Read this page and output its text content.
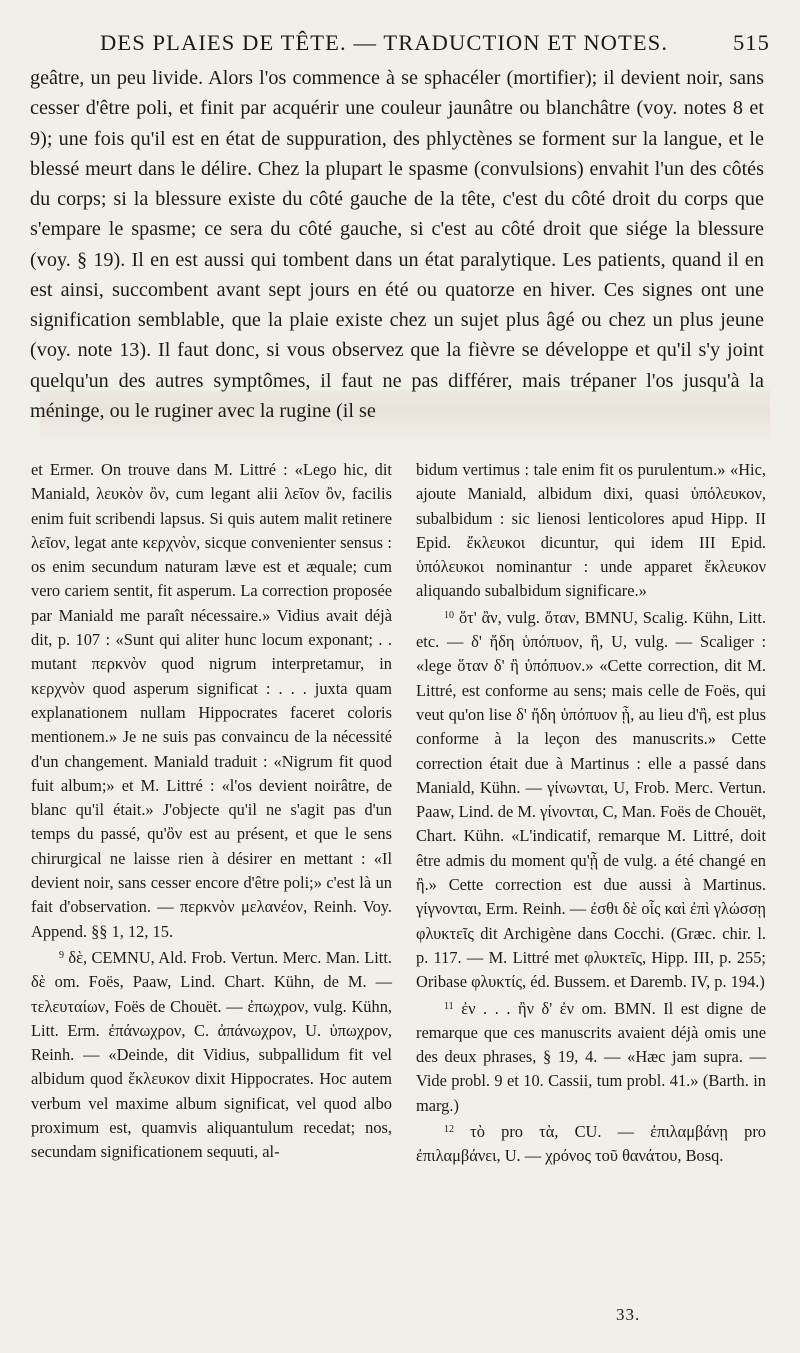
DES PLAIES DE TÊTE. — TRADUCTION ET NOTES.	515
geâtre, un peu livide. Alors l'os commence à se sphacéler (mortifier); il devient noir, sans cesser d'être poli, et finit par acquérir une couleur jaunâtre ou blanchâtre (voy. notes 8 et 9); une fois qu'il est en état de suppuration, des phlyctènes se forment sur la langue, et le blessé meurt dans le délire. Chez la plupart le spasme (convulsions) envahit l'un des côtés du corps; si la blessure existe du côté gauche de la tête, c'est du côté droit du corps que s'empare le spasme; ce sera du côté gauche, si c'est au côté droit que siége la blessure (voy. § 19). Il en est aussi qui tombent dans un état paralytique. Les patients, quand il en est ainsi, succombent avant sept jours en été ou quatorze en hiver. Ces signes ont une signification semblable, que la plaie existe chez un sujet plus âgé ou chez un plus jeune (voy. note 13). Il faut donc, si vous observez que la fièvre se développe et qu'il s'y joint quelqu'un des autres symptômes, il faut ne pas différer, mais trépaner l'os jusqu'à la méninge, ou le ruginer avec la rugine (il se

et Ermer. On trouve dans M. Littré : «Lego hic, dit Maniald, λευκὸν ὂν, cum legant alii λεῖον ὂν, facilis enim fuit scribendi lapsus. Si quis autem malit retinere λεῖον, legat ante κερχνὸν, sicque convenienter sensus : os enim secundum naturam læve est et æquale; cum vero cariem sentit, fit asperum. La correction proposée par Maniald me paraît nécessaire.» Vidius avait déjà dit, p. 107 : «Sunt qui aliter hunc locum exponant; . . mutant περκνὸν quod nigrum interpretamur, in κερχνὸν quod asperum significat : . . . juxta quam explanationem nullam Hippocrates faceret coloris mentionem.» Je ne suis pas convaincu de la nécessité d'un changement. Maniald traduit : «Nigrum fit quod fuit album;» et M. Littré : «l'os devient noirâtre, de blanc qu'il était.» J'objecte qu'il ne s'agit pas d'un temps du passé, qu'ὂν est au présent, et que le sens chirurgical ne laisse rien à désirer en mettant : «Il devient noir, sans cesser encore d'être poli;» c'est là un fait d'observation. — περκνὸν μελανέον, Reinh. Voy. Append. §§ 1, 12, 15.

$^9$ δὲ, CEMNU, Ald. Frob. Vertun. Merc. Man. Litt. δὲ om. Foës, Paaw, Lind. Chart. Kühn, de M. — τελευταίων, Foës de Chouët. — ἐπωχρον, vulg. Kühn, Litt. Erm. ἐπάνωχρον, C. ἀπάνωχρον, U. ὑπωχρον, Reinh. — «Deinde, dit Vidius, subpallidum fit vel albidum quod ἔκλευκον dixit Hippocrates. Hoc autem verbum vel maxime album significat, vel quod albo proximum est, quamvis aliquantulum recedat; nos, secundam significationem sequuti, al-

bidum vertimus : tale enim fit os purulentum.» «Hic, ajoute Maniald, albidum dixi, quasi ὑπόλευκον, subalbidum : sic lienosi lenticolores apud Hipp. II Epid. ἔκλευκοι dicuntur, qui idem III Epid. ὑπόλευκοι nominantur : unde apparet ἔκλευκον aliquando subalbidum significare.»

$^{10}$ ὅτ' ἂν, vulg. ὅταν, BMNU, Scalig. Kühn, Litt. etc. — δ' ἤδη ὑπόπυον, ἢ, U, vulg. — Scaliger : «lege ὅταν δ' ἢ ὑπόπυον.» «Cette correction, dit M. Littré, est conforme au sens; mais celle de Foës, qui veut qu'on lise δ' ἤδη ὑπόπυον ᾖ, au lieu d'ἢ, est plus conforme à la leçon des manuscrits.» Cette correction était due à Martinus : elle a passé dans Maniald, Kühn. — γίνωνται, U, Frob. Merc. Vertun. Paaw, Lind. de M. γίνονται, C, Man. Foës de Chouët, Chart. Kühn. «L'indicatif, remarque M. Littré, doit être admis du moment qu'ᾖ de vulg. a été changé en ἢ.» Cette correction est due aussi à Martinus. γίγνονται, Erm. Reinh. — ἐσθι δὲ οἷς καὶ ἐπὶ γλώσσῃ φλυκτεῖς dit Archigène dans Cocchi. (Græc. chir. l. p. 117. — M. Littré met φλυκτεῖς, Hipp. III, p. 255; Oribase φλυκτίς, éd. Bussem. et Daremb. IV, p. 194.)

$^{11}$ ἐν . . . ἢν δ' ἐν om. BMN. Il est digne de remarque que ces manuscrits avaient déjà omis une des deux phrases, § 19, 4. — «Hæc jam supra. — Vide probl. 9 et 10. Cassii, tum probl. 41.» (Barth. in marg.)

$^{12}$ τὸ pro τὰ, CU. — ἐπιλαμβάνῃ pro ἐπιλαμβάνει, U. — χρόνος τοῦ θανάτου, Bosq.

33.
